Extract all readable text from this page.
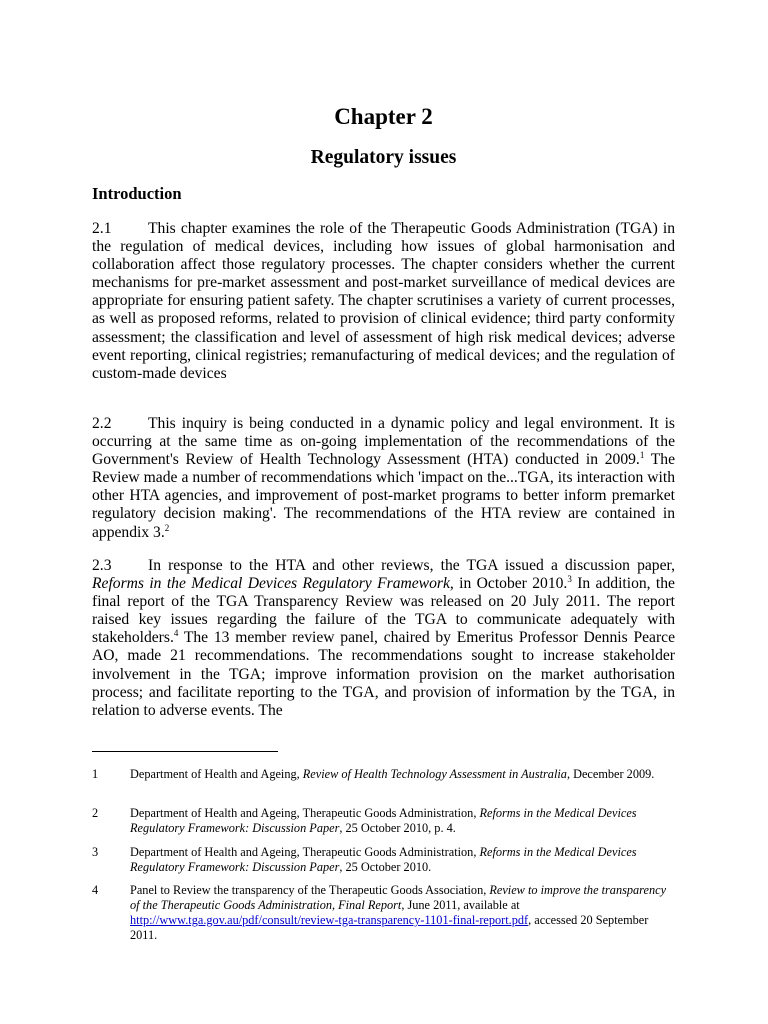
Chapter 2
Regulatory issues
Introduction

2.1 This chapter examines the role of the Therapeutic Goods Administration (TGA) in the regulation of medical devices, including how issues of global harmonisation and collaboration affect those regulatory processes. The chapter considers whether the current mechanisms for pre-market assessment and post-market surveillance of medical devices are appropriate for ensuring patient safety. The chapter scrutinises a variety of current processes, as well as proposed reforms, related to provision of clinical evidence; third party conformity assessment; the classification and level of assessment of high risk medical devices; adverse event reporting, clinical registries; remanufacturing of medical devices; and the regulation of custom-made devices

2.2 This inquiry is being conducted in a dynamic policy and legal environment. It is occurring at the same time as on-going implementation of the recommendations of the Government's Review of Health Technology Assessment (HTA) conducted in 2009.$^1$ The Review made a number of recommendations which 'impact on the...TGA, its interaction with other HTA agencies, and improvement of post-market programs to better inform premarket regulatory decision making'. The recommendations of the HTA review are contained in appendix 3.$^2$

2.3 In response to the HTA and other reviews, the TGA issued a discussion paper, Reforms in the Medical Devices Regulatory Framework, in October 2010.$^3$ In addition, the final report of the TGA Transparency Review was released on 20 July 2011. The report raised key issues regarding the failure of the TGA to communicate adequately with stakeholders.$^4$ The 13 member review panel, chaired by Emeritus Professor Dennis Pearce AO, made 21 recommendations. The recommendations sought to increase stakeholder involvement in the TGA; improve information provision on the market authorisation process; and facilitate reporting to the TGA, and provision of information by the TGA, in relation to adverse events. The

1	Department of Health and Ageing, Review of Health Technology Assessment in Australia, December 2009.
2	Department of Health and Ageing, Therapeutic Goods Administration, Reforms in the Medical Devices Regulatory Framework: Discussion Paper, 25 October 2010, p. 4.
3	Department of Health and Ageing, Therapeutic Goods Administration, Reforms in the Medical Devices Regulatory Framework: Discussion Paper, 25 October 2010.
4	Panel to Review the transparency of the Therapeutic Goods Association, Review to improve the transparency of the Therapeutic Goods Administration, Final Report, June 2011, available at http://www.tga.gov.au/pdf/consult/review-tga-transparency-1101-final-report.pdf, accessed 20 September 2011.
